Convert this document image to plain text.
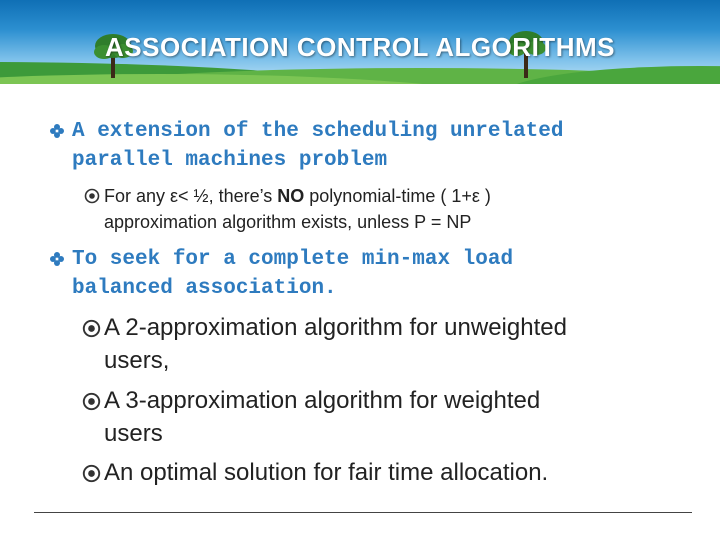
ASSOCIATION CONTROL ALGORITHMS
A extension of the scheduling unrelated
parallel machines problem
For any ε< ½, there’s NO polynomial-time ( 1+ε )
approximation algorithm exists, unless P = NP
To seek for a complete min-max load
balanced association.
A 2-approximation algorithm for unweighted
users,
A 3-approximation algorithm for weighted
users
An optimal solution for fair time allocation.
